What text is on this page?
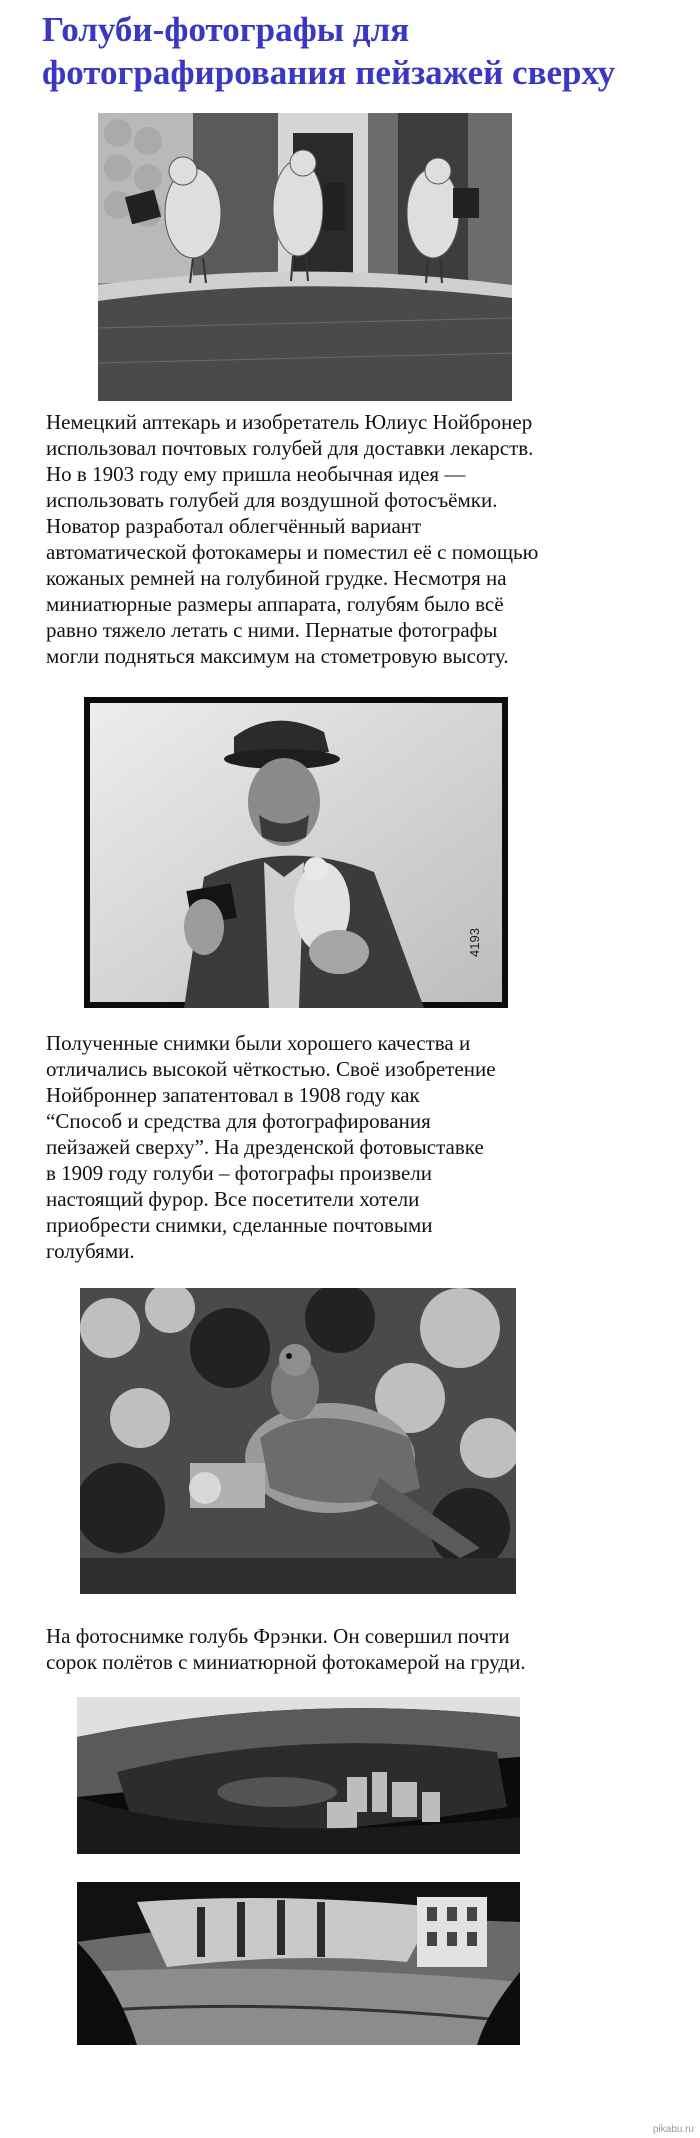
Голуби-фотографы для фотографирования пейзажей сверху

Немецкий аптекарь и изобретатель Юлиус Нойбронер
использовал почтовых голубей для доставки лекарств.
Но в 1903 году ему пришла необычная идея —
использовать голубей для воздушной фотосъёмки.
Новатор разработал облегчённый вариант
автоматической фотокамеры и поместил её с помощью
кожаных ремней на голубиной грудке. Несмотря на
миниатюрные размеры аппарата, голубям было всё
равно тяжело летать с ними. Пернатые фотографы
могли подняться максимум на стометровую высоту.

4193

Полученные снимки были хорошего качества и
отличались высокой чёткостью. Своё изобретение
Нойброннер запатентовал в 1908 году как
“Способ и средства для фотографирования
пейзажей сверху”. На дрезденской фотовыставке
в 1909 году голуби – фотографы произвели
настоящий фурор. Все посетители хотели
приобрести снимки, сделанные почтовыми
голубями.

На фотоснимке голубь Фрэнки. Он совершил почти
сорок полётов с миниатюрной фотокамерой на груди.

pikabu.ru
